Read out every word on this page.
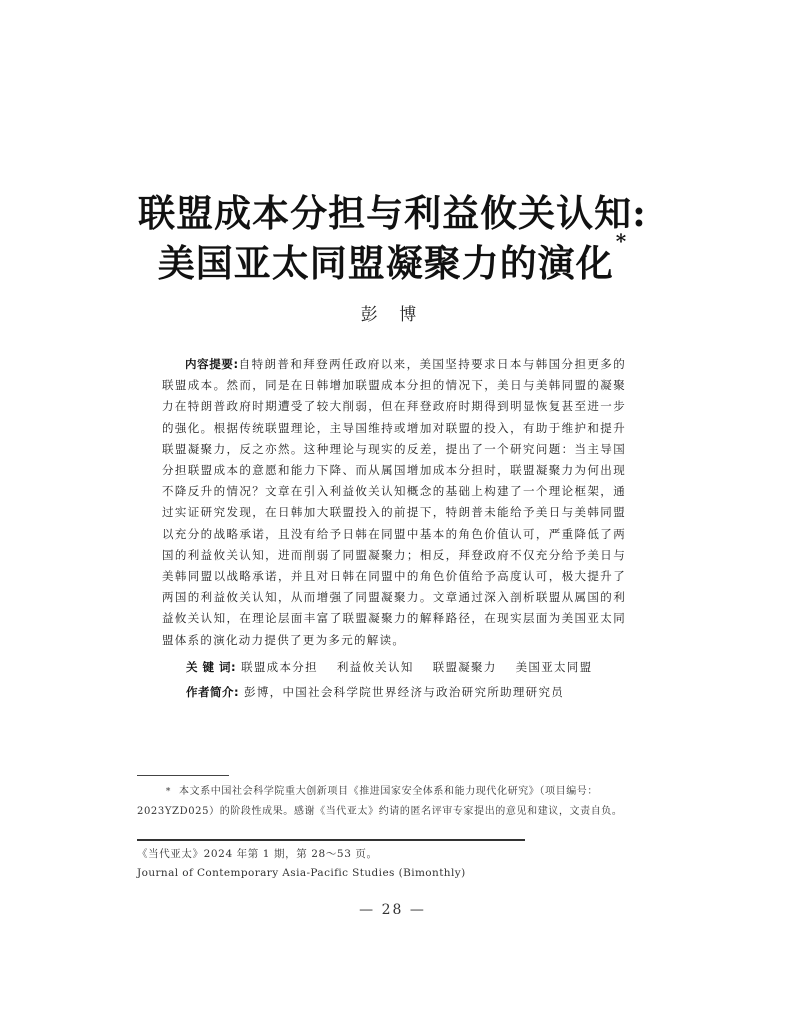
联盟成本分担与利益攸关认知:
美国亚太同盟凝聚力的演化 *
彭 博
内容提要:自特朗普和拜登两任政府以来，美国坚持要求日本与韩国分担更多的联盟成本。然而，同是在日韩增加联盟成本分担的情况下，美日与美韩同盟的凝聚力在特朗普政府时期遭受了较大削弱，但在拜登政府时期得到明显恢复甚至进一步的强化。根据传统联盟理论，主导国维持或增加对联盟的投入，有助于维护和提升联盟凝聚力，反之亦然。这种理论与现实的反差，提出了一个研究问题：当主导国分担联盟成本的意愿和能力下降、而从属国增加成本分担时，联盟凝聚力为何出现不降反升的情况？文章在引入利益攸关认知概念的基础上构建了一个理论框架，通过实证研究发现，在日韩加大联盟投入的前提下，特朗普未能给予美日与美韩同盟以充分的战略承诺，且没有给予日韩在同盟中基本的角色价值认可，严重降低了两国的利益攸关认知，进而削弱了同盟凝聚力；相反，拜登政府不仅充分给予美日与美韩同盟以战略承诺，并且对日韩在同盟中的角色价值给予高度认可，极大提升了两国的利益攸关认知，从而增强了同盟凝聚力。文章通过深入剖析联盟从属国的利益攸关认知，在理论层面丰富了联盟凝聚力的解释路径，在现实层面为美国亚太同盟体系的演化动力提供了更为多元的解读。
关 键 词: 联盟成本分担 利益攸关认知 联盟凝聚力 美国亚太同盟
作者简介: 彭博，中国社会科学院世界经济与政治研究所助理研究员
* 本文系中国社会科学院重大创新项目《推进国家安全体系和能力现代化研究》（项目编号：2023YZD025）的阶段性成果。感谢《当代亚太》约请的匿名评审专家提出的意见和建议，文责自负。
《当代亚太》2024 年第 1 期，第 28～53 页。
Journal of Contemporary Asia-Pacific Studies (Bimonthly)
— 28 —
